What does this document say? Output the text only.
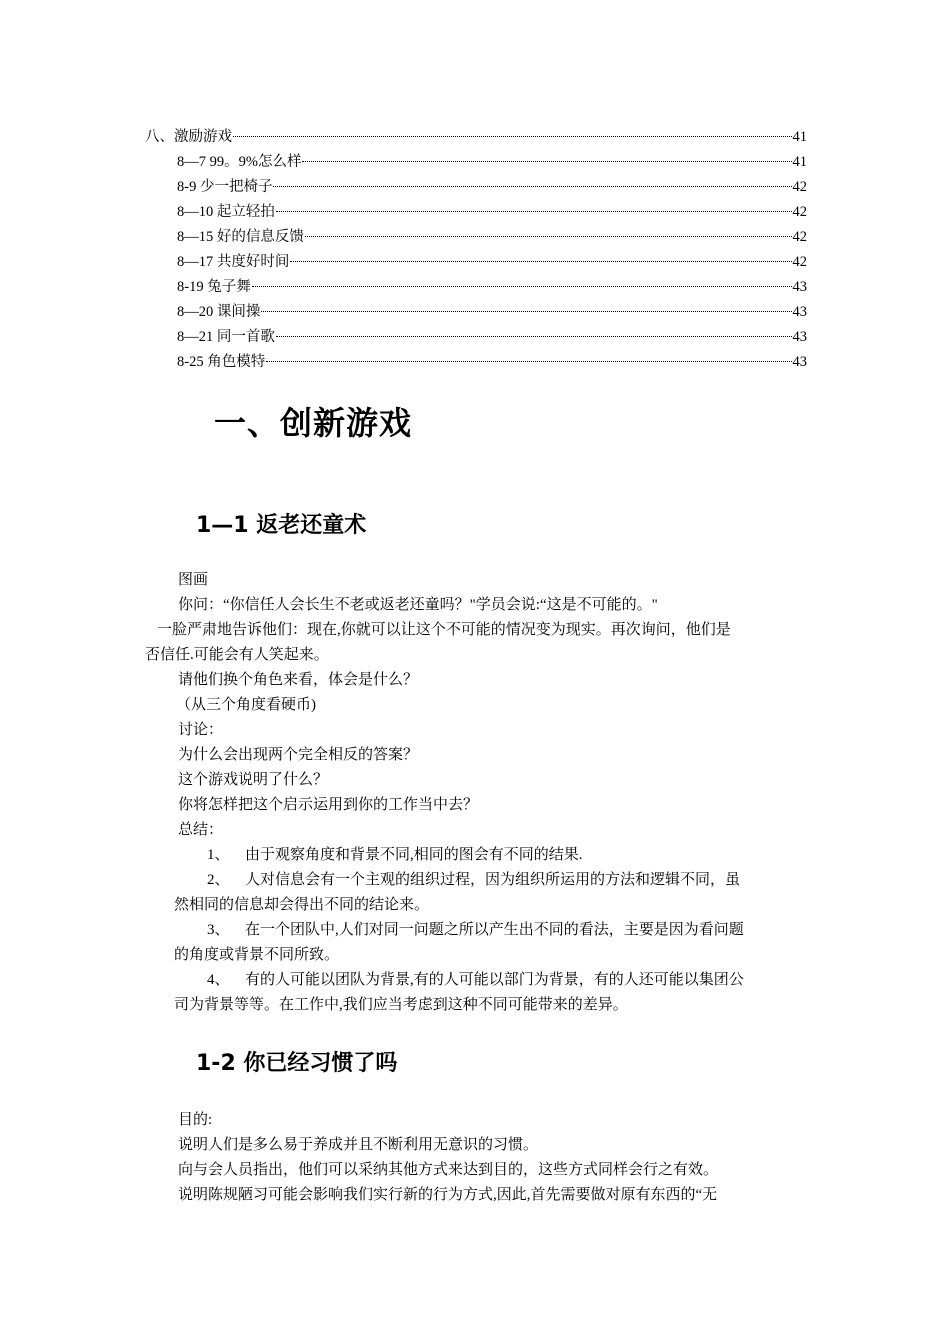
八、激励游戏	41
8—7 99。9%怎么样	41
8-9 少一把椅子	42
8—10 起立轻拍	42
8—15 好的信息反馈	42
8—17 共度好时间	42
8-19 兔子舞	43
8—20 课间操	43
8—21 同一首歌	43
8-25 角色模特	43
一、创新游戏
1—1 返老还童术
图画
你问：“你信任人会长生不老或返老还童吗？"学员会说:“这是不可能的。"
一脸严肃地告诉他们：现在,你就可以让这个不可能的情况变为现实。再次询问，他们是
否信任.可能会有人笑起来。
请他们换个角色来看，体会是什么？
（从三个角度看硬币)
讨论：
为什么会出现两个完全相反的答案？
这个游戏说明了什么？
你将怎样把这个启示运用到你的工作当中去？
总结：
1、 由于观察角度和背景不同,相同的图会有不同的结果.
2、 人对信息会有一个主观的组织过程，因为组织所运用的方法和逻辑不同，虽
然相同的信息却会得出不同的结论来。
3、 在一个团队中,人们对同一问题之所以产生出不同的看法，主要是因为看问题
的角度或背景不同所致。
4、 有的人可能以团队为背景,有的人可能以部门为背景，有的人还可能以集团公
司为背景等等。在工作中,我们应当考虑到这种不同可能带来的差异。
1-2 你已经习惯了吗
目的:
说明人们是多么易于养成并且不断利用无意识的习惯。
向与会人员指出，他们可以采纳其他方式来达到目的，这些方式同样会行之有效。
说明陈规陋习可能会影响我们实行新的行为方式,因此,首先需要做对原有东西的“无
